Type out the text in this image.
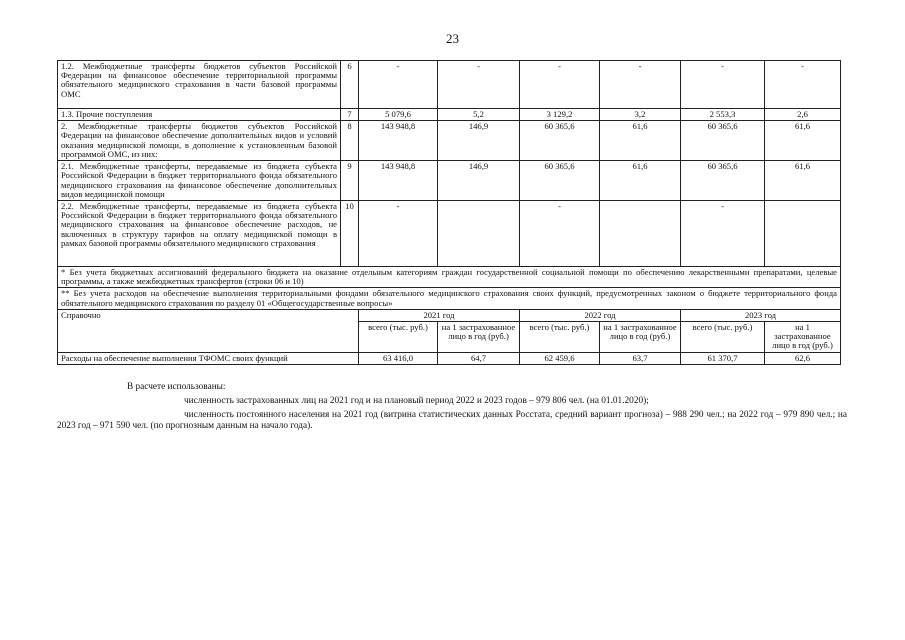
23
1.2. Межбюджетные трансферты бюджетов субъектов Российской Федерации на финансовое обеспечение территориальной программы обязательного медицинского страхования в части базовой программы ОМС	6	-	-	-	-	-	-
1.3. Прочие поступления	7	5 079,6	5,2	3 129,2	3,2	2 553,3	2,6
2. Межбюджетные трансферты бюджетов субъектов Российской Федерации на финансовое обеспечение дополнительных видов и условий оказания медицинской помощи, в дополнение к установленным базовой программой ОМС, из них:	8	143 948,8	146,9	60 365,6	61,6	60 365,6	61,6
2.1. Межбюджетные трансферты, передаваемые из бюджета субъекта Российской Федерации в бюджет территориального фонда обязательного медицинского страхования на финансовое обеспечение дополнительных видов медицинской помощи	9	143 948,8	146,9	60 365,6	61,6	60 365,6	61,6
2.2. Межбюджетные трансферты, передаваемые из бюджета субъекта Российской Федерации в бюджет территориального фонда обязательного медицинского страхования на финансовое обеспечение расходов, не включенных в структуру тарифов на оплату медицинской помощи в рамках базовой программы обязательного медицинского страхования	10	-		-		-	
* Без учета бюджетных ассигнований федерального бюджета на оказание отдельным категориям граждан государственной социальной помощи по обеспечению лекарственными препаратами, целевые программы, а также межбюджетных трансфертов (строки 06 и 10)							
** Без учета расходов на обеспечение выполнения территориальными фондами обязательного медицинского страхования своих функций, предусмотренных законом о бюджете территориального фонда обязательного медицинского страхования по разделу 01 «Общегосударственные вопросы»							
Справочно		2021 год		2022 год		2023 год	
		всего (тыс. руб.)	на 1 застрахованное лицо в год (руб.)	всего (тыс. руб.)	на 1 застрахованное лицо в год (руб.)	всего (тыс. руб.)	на 1 застрахованное лицо в год (руб.)
Расходы на обеспечение выполнения ТФОМС своих функций		63 416,0	64,7	62 459,6	63,7	61 370,7	62,6
В расчете использованы:
численность застрахованных лиц на 2021 год и на плановый период 2022 и 2023 годов – 979 806 чел. (на 01.01.2020);
численность постоянного населения на 2021 год (витрина статистических данных Росстата, средний вариант прогноза) – 988 290 чел.; на 2022 год – 979 890 чел.; на 2023 год – 971 590 чел. (по прогнозным данным на начало года).
